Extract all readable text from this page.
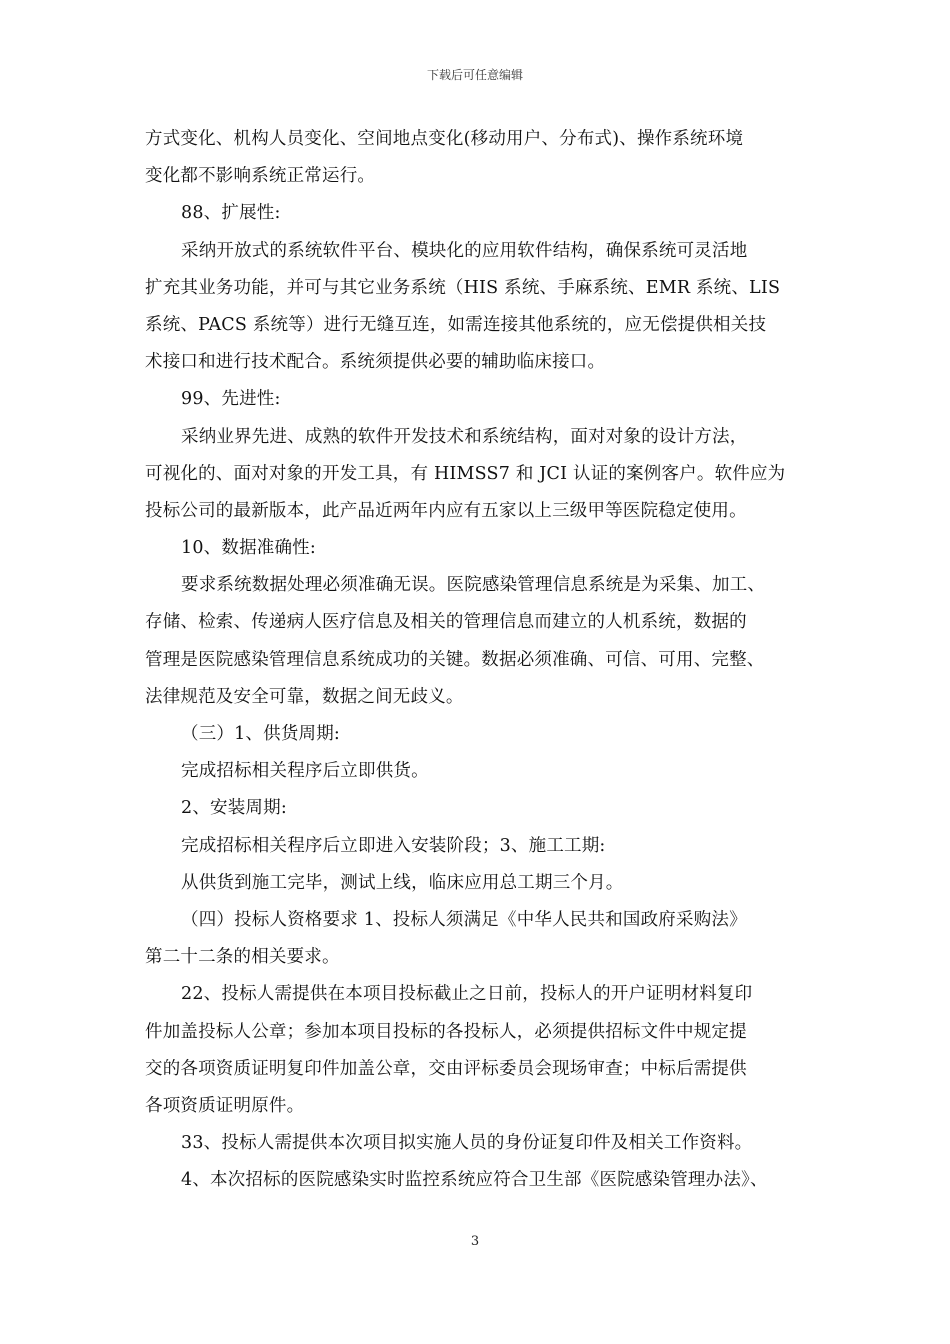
下载后可任意编辑
方式变化、机构人员变化、空间地点变化(移动用户、分布式)、操作系统环境
变化都不影响系统正常运行。
88、扩展性:
采纳开放式的系统软件平台、模块化的应用软件结构，确保系统可灵活地
扩充其业务功能，并可与其它业务系统（HIS 系统、手麻系统、EMR 系统、LIS
系统、PACS 系统等）进行无缝互连，如需连接其他系统的，应无偿提供相关技
术接口和进行技术配合。系统须提供必要的辅助临床接口。
99、先进性:
采纳业界先进、成熟的软件开发技术和系统结构，面对对象的设计方法，
可视化的、面对对象的开发工具，有 HIMSS7 和 JCI 认证的案例客户。软件应为
投标公司的最新版本，此产品近两年内应有五家以上三级甲等医院稳定使用。
10、数据准确性:
要求系统数据处理必须准确无误。医院感染管理信息系统是为采集、加工、
存储、检索、传递病人医疗信息及相关的管理信息而建立的人机系统，数据的
管理是医院感染管理信息系统成功的关键。数据必须准确、可信、可用、完整、
法律规范及安全可靠，数据之间无歧义。
（三）1、供货周期:
完成招标相关程序后立即供货。
2、安装周期:
完成招标相关程序后立即进入安装阶段；3、施工工期:
从供货到施工完毕，测试上线，临床应用总工期三个月。
（四）投标人资格要求 1、投标人须满足《中华人民共和国政府采购法》
第二十二条的相关要求。
22、投标人需提供在本项目投标截止之日前，投标人的开户证明材料复印
件加盖投标人公章；参加本项目投标的各投标人，必须提供招标文件中规定提
交的各项资质证明复印件加盖公章，交由评标委员会现场审查；中标后需提供
各项资质证明原件。
33、投标人需提供本次项目拟实施人员的身份证复印件及相关工作资料。
4、本次招标的医院感染实时监控系统应符合卫生部《医院感染管理办法》、
3
